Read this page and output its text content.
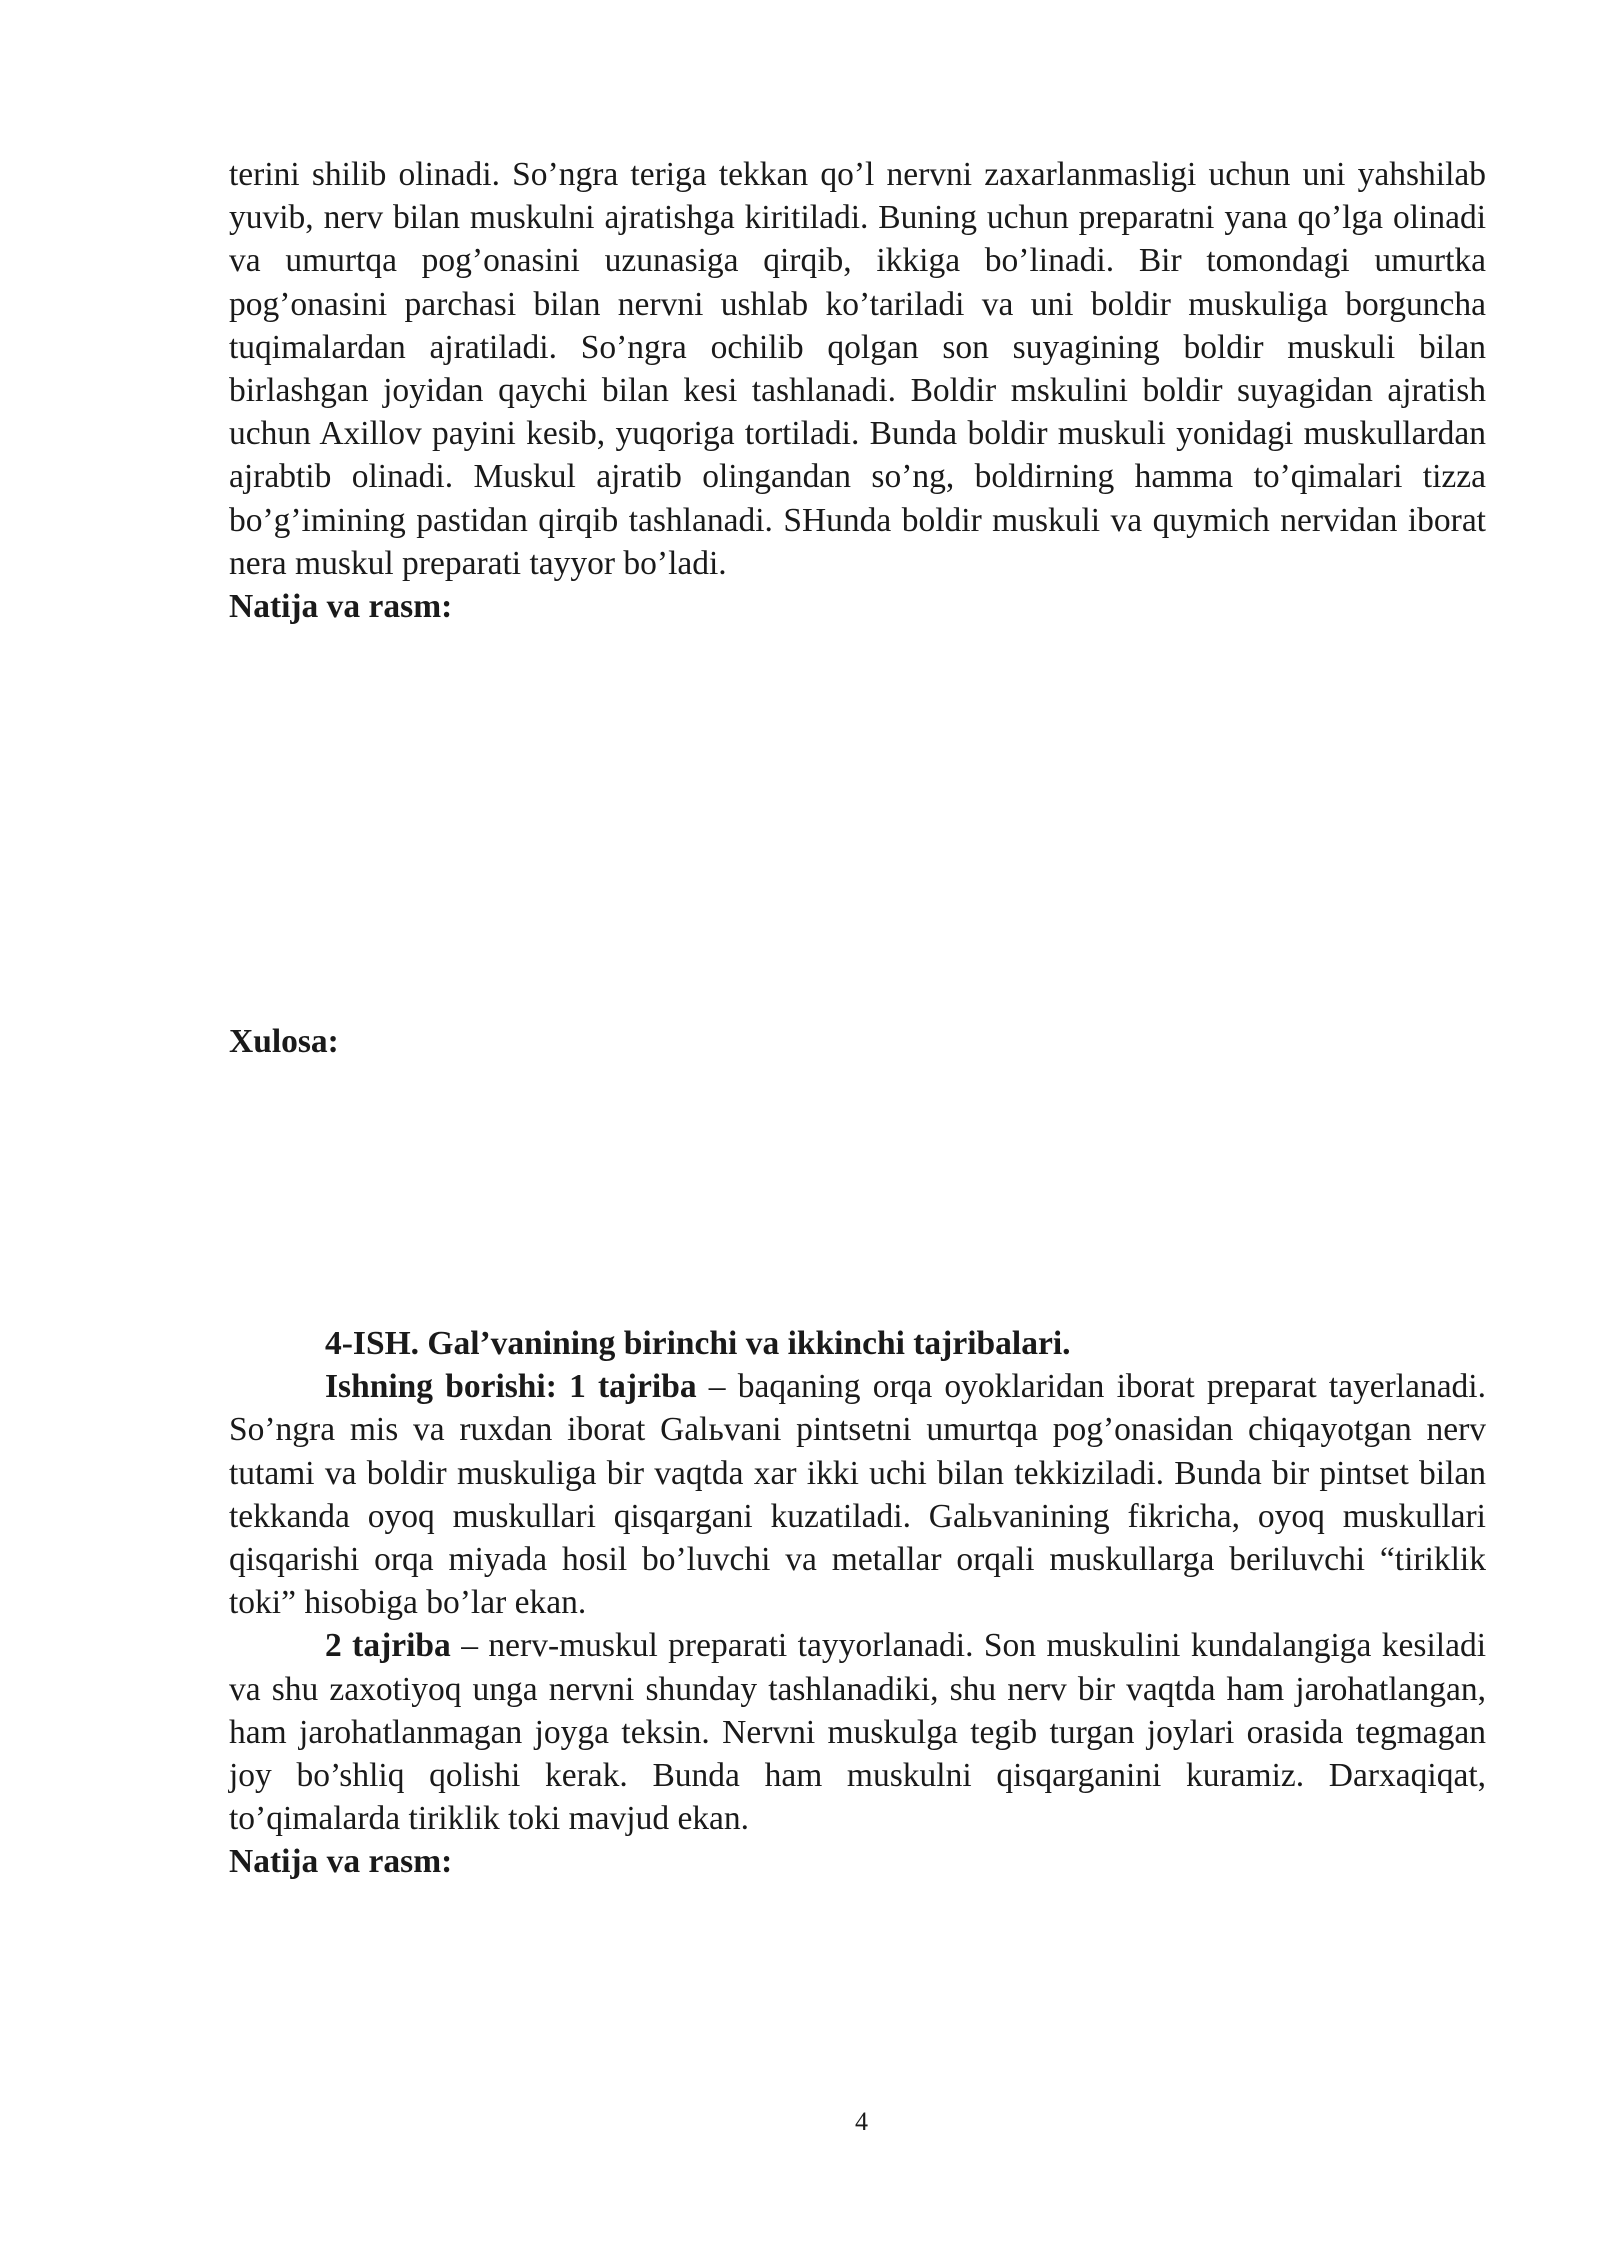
terini shilib olinadi. So’ngra teriga tekkan qo’l nervni zaxarlanmasligi uchun uni yahshilab yuvib, nerv bilan muskulni ajratishga kiritiladi. Buning uchun preparatni yana qo’lga olinadi va umurtqa pog’onasini uzunasiga qirqib, ikkiga bo’linadi. Bir tomondagi umurtka pog’onasini parchasi bilan nervni ushlab ko’tariladi va uni boldir muskuliga borguncha tuqimalardan ajratiladi. So’ngra ochilib qolgan son suyagining boldir muskuli bilan birlashgan joyidan qaychi bilan kesi tashlanadi. Boldir mskulini boldir suyagidan ajratish uchun Axillov payini kesib, yuqoriga tortiladi. Bunda boldir muskuli yonidagi muskullardan ajrabtib olinadi. Muskul ajratib olingandan so’ng, boldirning hamma to’qimalari tizza bo’g’imining pastidan qirqib tashlanadi. SHunda boldir muskuli va quymich nervidan iborat nera muskul preparati tayyor bo’ladi.

Natija va rasm:

Xulosa:

4-ISH. Gal’vanining birinchi va ikkinchi tajribalari.

Ishning borishi: 1 tajriba – baqaning orqa oyoklaridan iborat preparat tayerlanadi. So’ngra mis va ruxdan iborat Galьvani pintsetni umurtqa pog’onasidan chiqayotgan nerv tutami va boldir muskuliga bir vaqtda xar ikki uchi bilan tekkiziladi. Bunda bir pintset bilan tekkanda oyoq muskullari qisqargani kuzatiladi. Galьvanining fikricha, oyoq muskullari qisqarishi orqa miyada hosil bo’luvchi va metallar orqali muskullarga beriluvchi “tiriklik toki” hisobiga bo’lar ekan.

2 tajriba – nerv-muskul preparati tayyorlanadi. Son muskulini kundalangiga kesiladi va shu zaxotiyoq unga nervni shunday tashlanadiki, shu nerv bir vaqtda ham jarohatlangan, ham jarohatlanmagan joyga teksin. Nervni muskulga tegib turgan joylari orasida tegmagan joy bo’shliq qolishi kerak. Bunda ham muskulni qisqarganini kuramiz. Darxaqiqat, to’qimalarda tiriklik toki mavjud ekan.

Natija va rasm:

4
